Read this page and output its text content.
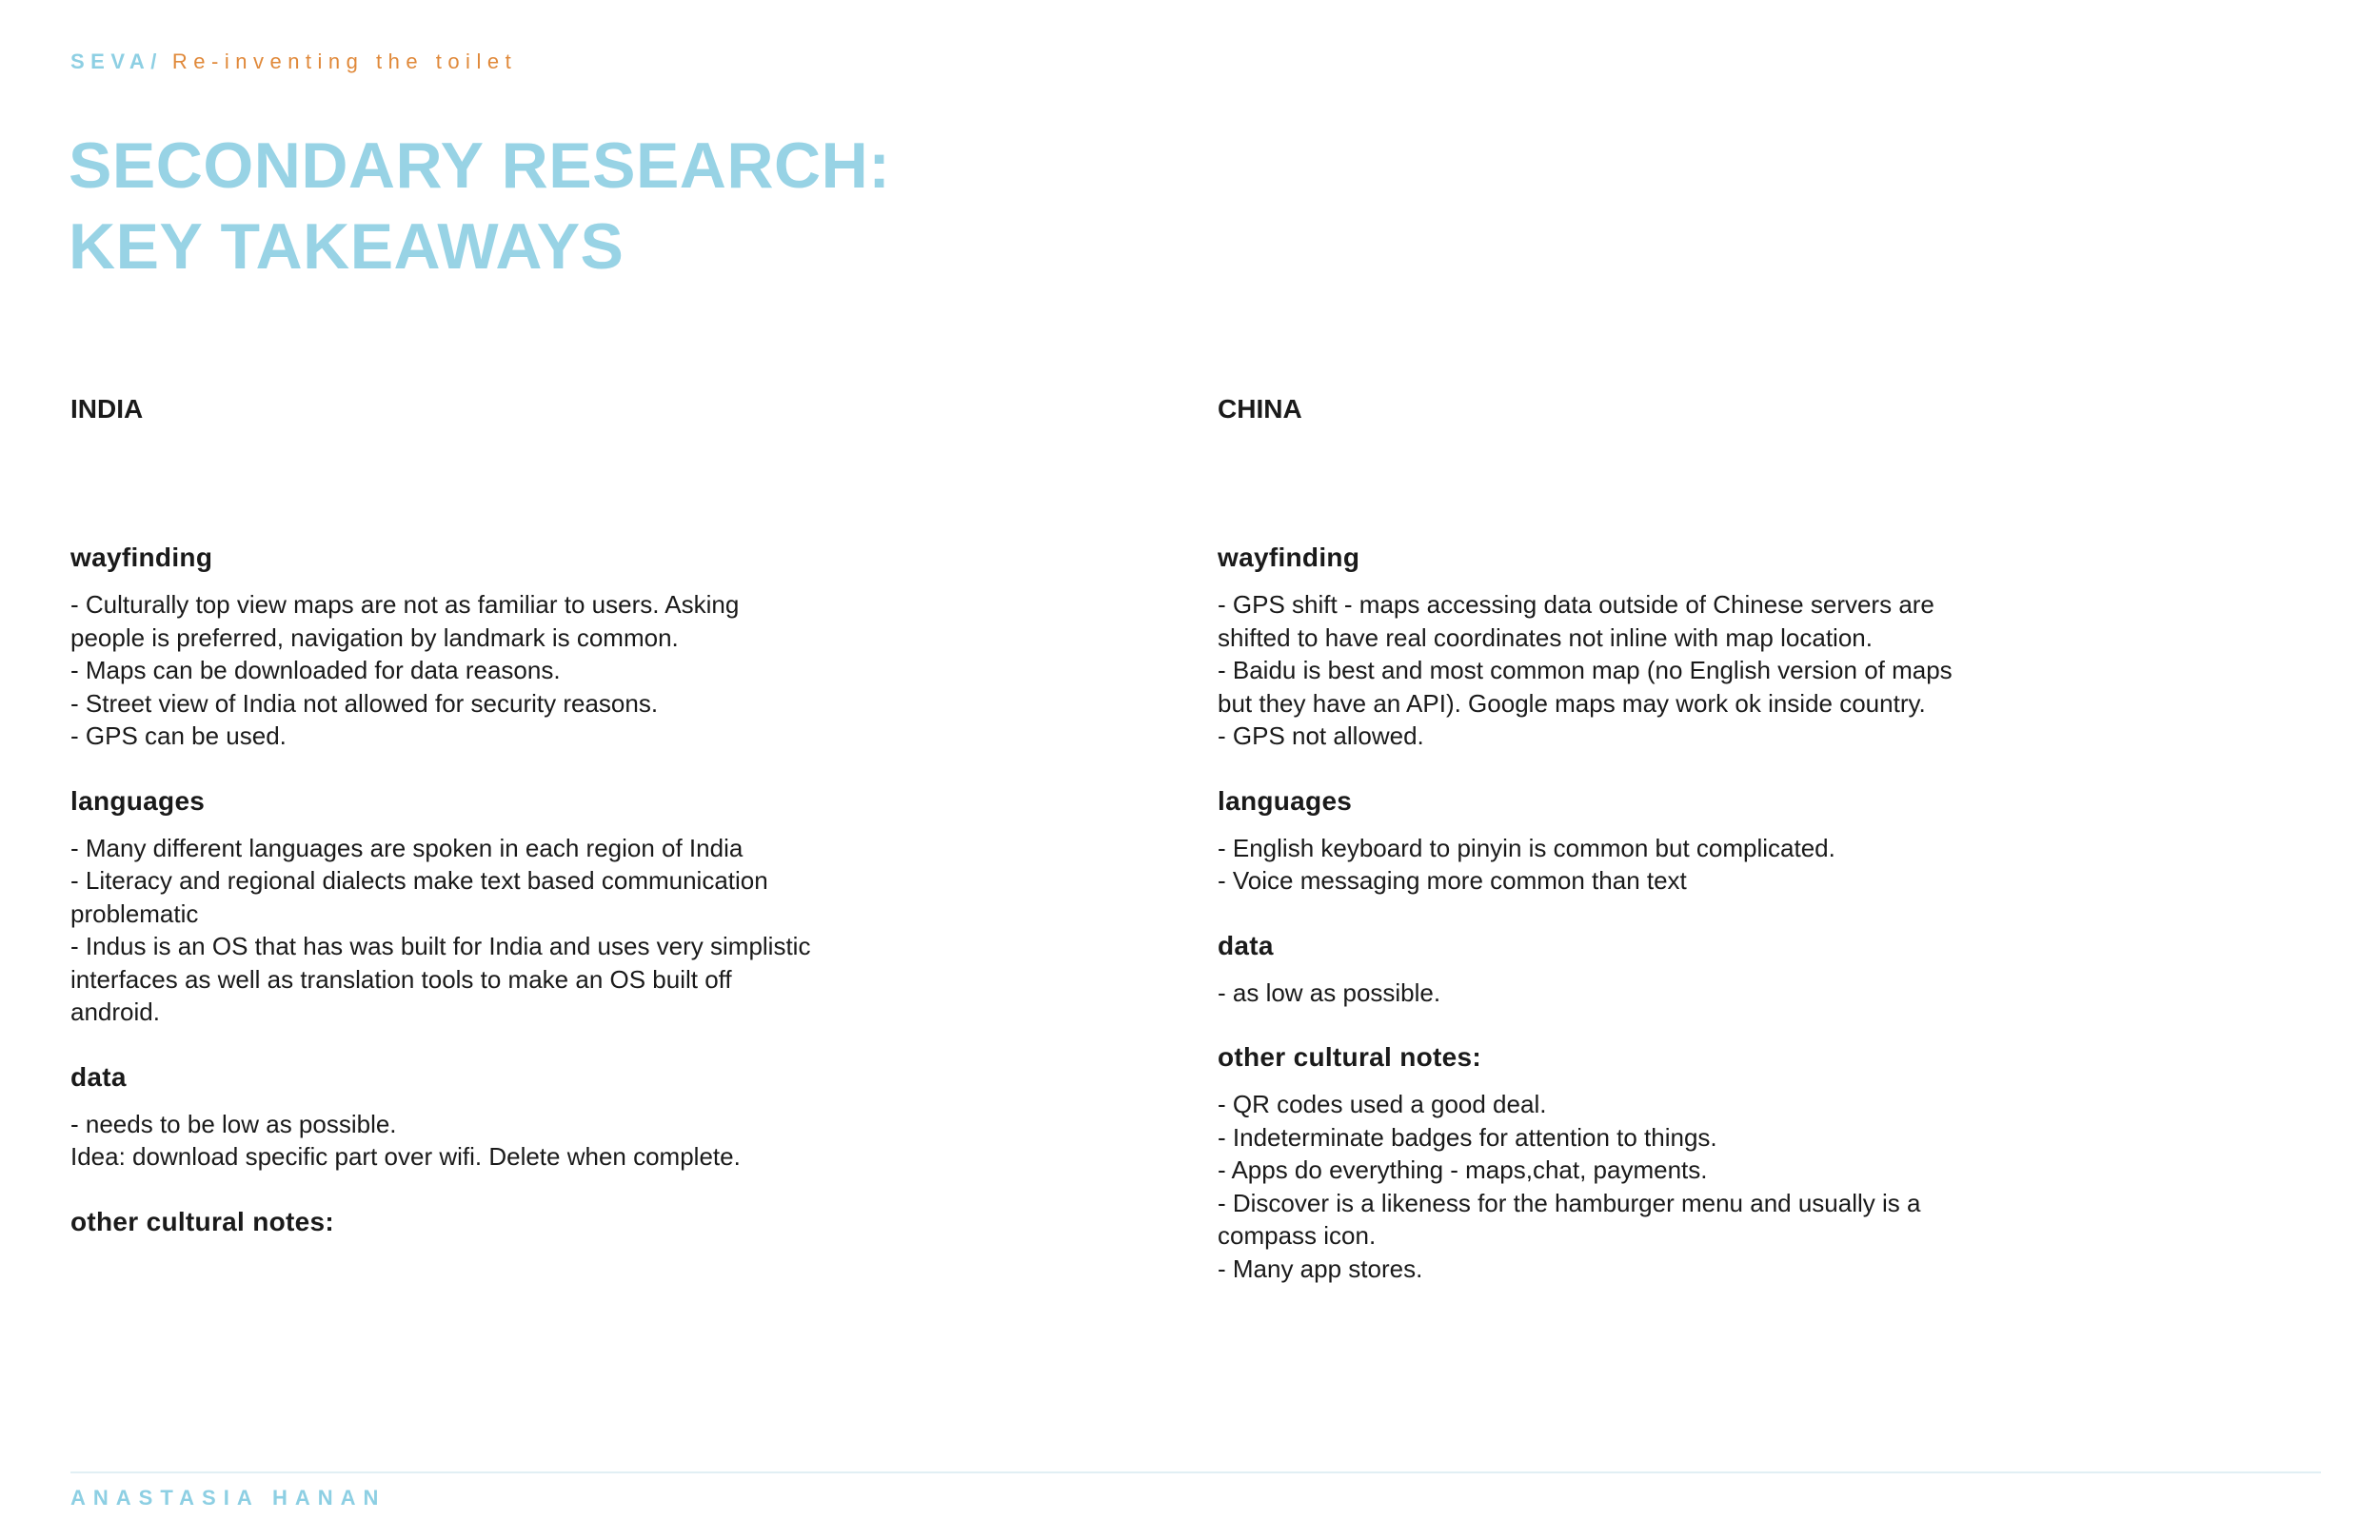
SEVA/ Re-inventing the toilet
SECONDARY RESEARCH:
KEY TAKEAWAYS
INDIA
wayfinding
- Culturally top view maps are not as familiar to users. Asking people is preferred, navigation by landmark is common.
- Maps can be downloaded for data reasons.
- Street view of India not allowed for security reasons.
- GPS can be used.
languages
- Many different languages are spoken in each region of India
- Literacy and regional dialects make text based communication problematic
- Indus is an OS that has was built for India and uses very simplistic interfaces as well as translation tools to make an OS built off android.
data
- needs to be low as possible.
Idea: download specific part over wifi. Delete when complete.
other cultural notes:
CHINA
wayfinding
- GPS shift - maps accessing data outside of Chinese servers are shifted to have real coordinates not inline with map location.
- Baidu is best and most common map (no English version of maps but they have an API). Google maps may work ok inside country.
- GPS not allowed.
languages
- English keyboard to pinyin is common but complicated.
- Voice messaging more common than text
data
- as low as possible.
other cultural notes:
- QR codes used a good deal.
- Indeterminate badges for attention to things.
- Apps do everything - maps,chat, payments.
- Discover is a likeness for the hamburger menu and usually is a compass icon.
- Many app stores.
ANASTASIA HANAN
